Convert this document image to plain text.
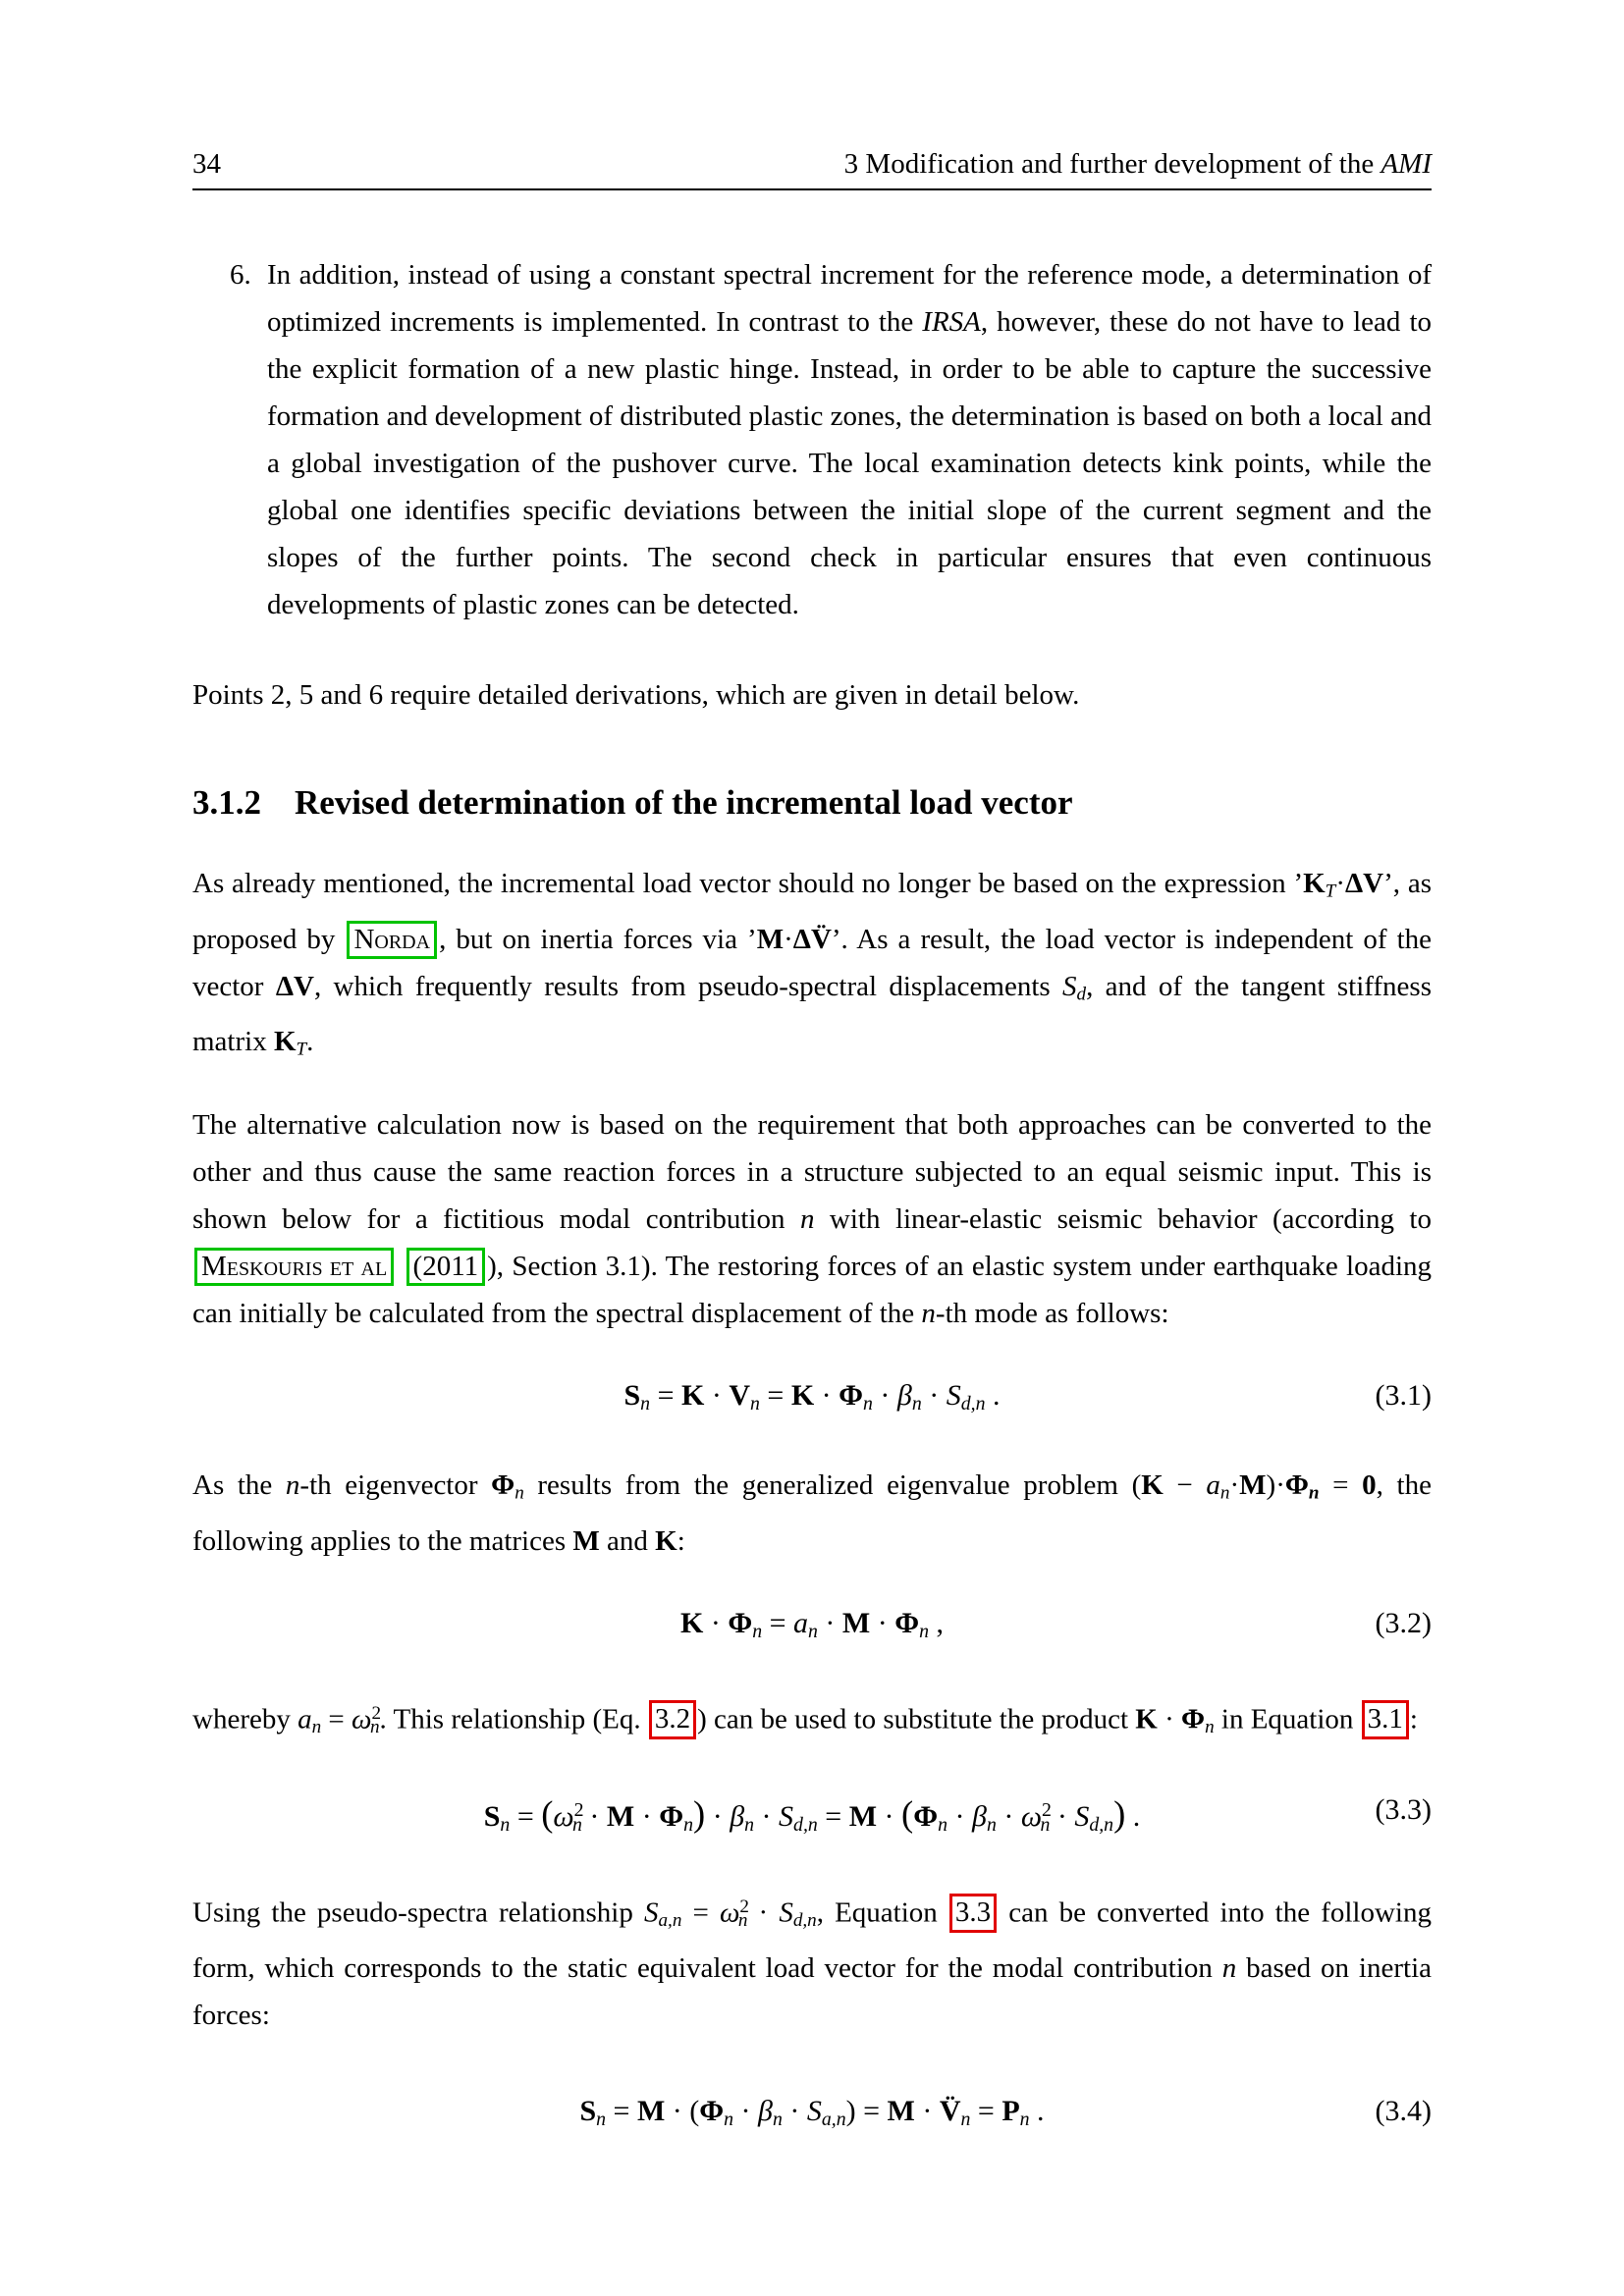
34	3 Modification and further development of the AMI
6. In addition, instead of using a constant spectral increment for the reference mode, a determination of optimized increments is implemented. In contrast to the IRSA, however, these do not have to lead to the explicit formation of a new plastic hinge. Instead, in order to be able to capture the successive formation and development of distributed plastic zones, the determination is based on both a local and a global investigation of the pushover curve. The local examination detects kink points, while the global one identifies specific deviations between the initial slope of the current segment and the slopes of the further points. The second check in particular ensures that even continuous developments of plastic zones can be detected.

Points 2, 5 and 6 require detailed derivations, which are given in detail below.

3.1.2 Revised determination of the incremental load vector

As already mentioned, the incremental load vector should no longer be based on the expression $’K_T\cdot\Delta V$’, as proposed by Norda , but on inertia forces via ’M·ΔV̈’. As a result, the load vector is independent of the vector ΔV, which frequently results from pseudo-spectral displacements $S_d$, and of the tangent stiffness matrix $K_T$.

The alternative calculation now is based on the requirement that both approaches can be converted to the other and thus cause the same reaction forces in a structure subjected to an equal seismic input. This is shown below for a fictitious modal contribution n with linear-elastic seismic behavior (according to Meskouris et al (2011 ), Section 3.1). The restoring forces of an elastic system under earthquake loading can initially be calculated from the spectral displacement of the n-th mode as follows:

$S_n = K \cdot V_n = K \cdot \Phi_n \cdot \beta_n \cdot S_{d,n}$ .	(3.1)

As the n-th eigenvector $\Phi_n$ results from the generalized eigenvalue problem $(K - a_n\cdot M)\cdot\Phi_n = 0$, the following applies to the matrices M and K:

$K \cdot \Phi_n = a_n \cdot M \cdot \Phi_n$ ,	(3.2)

whereby $a_n = \omega^2_n$. This relationship (Eq. 3.2 ) can be used to substitute the product $K \cdot \Phi_n$ in Equation 3.1 :

$S_n = (\omega^2_n \cdot M \cdot \Phi_n) \cdot \beta_n \cdot S_{d,n} = M \cdot (\Phi_n \cdot \beta_n \cdot \omega^2_n \cdot S_{d,n})$ .	(3.3)

Using the pseudo-spectra relationship $S_{a,n} = \omega^2_n \cdot S_{d,n}$, Equation 3.3 can be converted into the following form, which corresponds to the static equivalent load vector for the modal contribution n based on inertia forces:

$S_n = M \cdot (\Phi_n \cdot \beta_n \cdot S_{a,n}) = M$ · $V̈_n = P_n$ .	(3.4)
